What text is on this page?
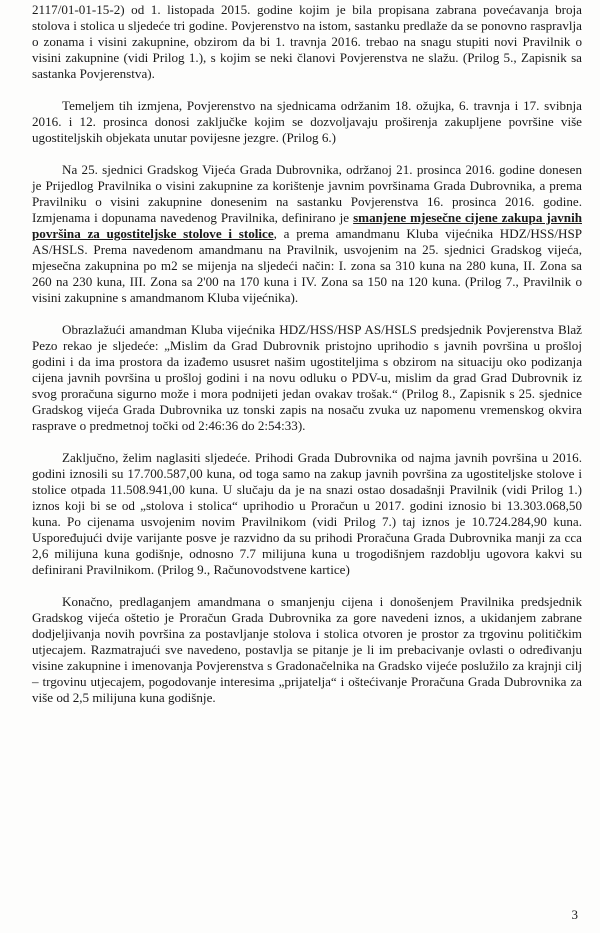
2117/01-01-15-2) od 1. listopada 2015. godine kojim je bila propisana zabrana povećavanja broja stolova i stolica u sljedeće tri godine. Povjerenstvo na istom, sastanku predlaže da se ponovno raspravlja o zonama i visini zakupnine, obzirom da bi 1. travnja 2016. trebao na snagu stupiti novi Pravilnik o visini zakupnine (vidi Prilog 1.), s kojim se neki članovi Povjerenstva ne slažu. (Prilog 5., Zapisnik sa sastanka Povjerenstva).

Temeljem tih izmjena, Povjerenstvo na sjednicama održanim 18. ožujka, 6. travnja i 17. svibnja 2016. i 12. prosinca donosi zaključke kojim se dozvoljavaju proširenja zakupljene površine više ugostiteljskih objekata unutar povijesne jezgre. (Prilog 6.)

Na 25. sjednici Gradskog Vijeća Grada Dubrovnika, održanoj 21. prosinca 2016. godine donesen je Prijedlog Pravilnika o visini zakupnine za korištenje javnim površinama Grada Dubrovnika, a prema Pravilniku o visini zakupnine donesenim na sastanku Povjerenstva 16. prosinca 2016. godine. Izmjenama i dopunama navedenog Pravilnika, definirano je smanjene mjesečne cijene zakupa javnih površina za ugostiteljske stolove i stolice, a prema amandmanu Kluba vijećnika HDZ/HSS/HSP AS/HSLS. Prema navedenom amandmanu na Pravilnik, usvojenim na 25. sjednici Gradskog vijeća, mjesečna zakupnina po m2 se mijenja na sljedeći način: I. zona sa 310 kuna na 280 kuna, II. Zona sa 260 na 230 kuna, III. Zona sa 2'00 na 170 kuna i IV. Zona sa 150 na 120 kuna. (Prilog 7., Pravilnik o visini zakupnine s amandmanom Kluba vijećnika).

Obrazlažući amandman Kluba vijećnika HDZ/HSS/HSP AS/HSLS predsjednik Povjerenstva Blaž Pezo rekao je sljedeće: „Mislim da Grad Dubrovnik pristojno uprihodio s javnih površina u prošloj godini i da ima prostora da izađemo ususret našim ugostiteljima s obzirom na situaciju oko podizanja cijena javnih površina u prošloj godini i na novu odluku o PDV-u, mislim da grad Grad Dubrovnik iz svog proračuna sigurno može i mora podnijeti jedan ovakav trošak.“ (Prilog 8., Zapisnik s 25. sjednice Gradskog vijeća Grada Dubrovnika uz tonski zapis na nosaču zvuka uz napomenu vremenskog okvira rasprave o predmetnoj točki od 2:46:36 do 2:54:33).

Zaključno, želim naglasiti sljedeće. Prihodi Grada Dubrovnika od najma javnih površina u 2016. godini iznosili su 17.700.587,00 kuna, od toga samo na zakup javnih površina za ugostiteljske stolove i stolice otpada 11.508.941,00 kuna. U slučaju da je na snazi ostao dosadašnji Pravilnik (vidi Prilog 1.) iznos koji bi se od „stolova i stolica“ uprihodio u Proračun u 2017. godini iznosio bi 13.303.068,50 kuna. Po cijenama usvojenim novim Pravilnikom (vidi Prilog 7.) taj iznos je 10.724.284,90 kuna. Uspoređujući dvije varijante posve je razvidno da su prihodi Proračuna Grada Dubrovnika manji za cca 2,6 milijuna kuna godišnje, odnosno 7.7 milijuna kuna u trogodišnjem razdoblju ugovora kakvi su definirani Pravilnikom. (Prilog 9., Računovodstvene kartice)

Konačno, predlaganjem amandmana o smanjenju cijena i donošenjem Pravilnika predsjednik Gradskog vijeća oštetio je Proračun Grada Dubrovnika za gore navedeni iznos, a ukidanjem zabrane dodjeljivanja novih površina za postavljanje stolova i stolica otvoren je prostor za trgovinu političkim utjecajem. Razmatrajući sve navedeno, postavlja se pitanje je li im prebacivanje ovlasti o određivanju visine zakupnine i imenovanja Povjerenstva s Gradonačelnika na Gradsko vijeće poslužilo za krajnji cilj – trgovinu utjecajem, pogodovanje interesima „prijatelja“ i oštećivanje Proračuna Grada Dubrovnika za više od 2,5 milijuna kuna godišnje.

3
